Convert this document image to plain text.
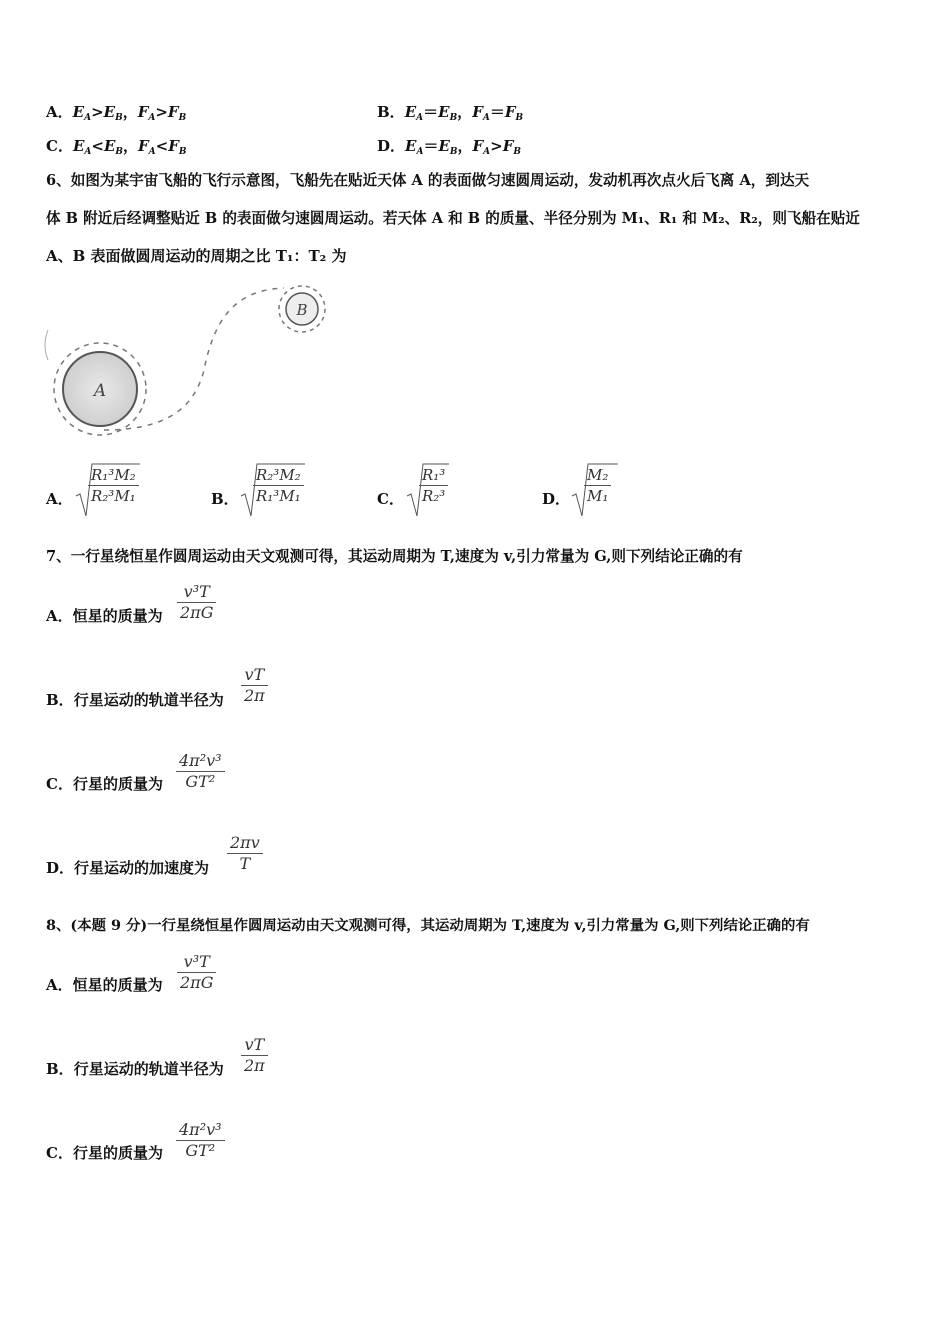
A．$E_A>E_B$，$F_A>F_B$	B．$E_A=E_B$，$F_A=F_B$
C．$E_A<E_B$，$F_A<F_B$	D．$E_A=E_B$，$F_A>F_B$
6、如图为某宇宙飞船的飞行示意图，飞船先在贴近天体 A 的表面做匀速圆周运动，发动机再次点火后飞离 A，到达天
体 B 附近后经调整贴近 B 的表面做匀速圆周运动。若天体 A 和 B 的质量、半径分别为 M₁、R₁ 和 M₂、R₂，则飞船在贴近
A、B 表面做圆周运动的周期之比 T₁：T₂ 为
A
B
A．
R₁³M₂
R₂³M₁	B．
R₂³M₂
R₁³M₁	C．
R₁³
R₂³	D．
M₂
M₁
7、一行星绕恒星作圆周运动由天文观测可得，其运动周期为 T,速度为 v,引力常量为 G,则下列结论正确的有
A．恒星的质量为
v³T
2πG
B．行星运动的轨道半径为
vT
2π
C．行星的质量为
4π²v³
GT²
D．行星运动的加速度为
2πv
T
8、(本题 9 分)一行星绕恒星作圆周运动由天文观测可得，其运动周期为 T,速度为 v,引力常量为 G,则下列结论正确的有
A．恒星的质量为
v³T
2πG
B．行星运动的轨道半径为
vT
2π
C．行星的质量为
4π²v³
GT²
